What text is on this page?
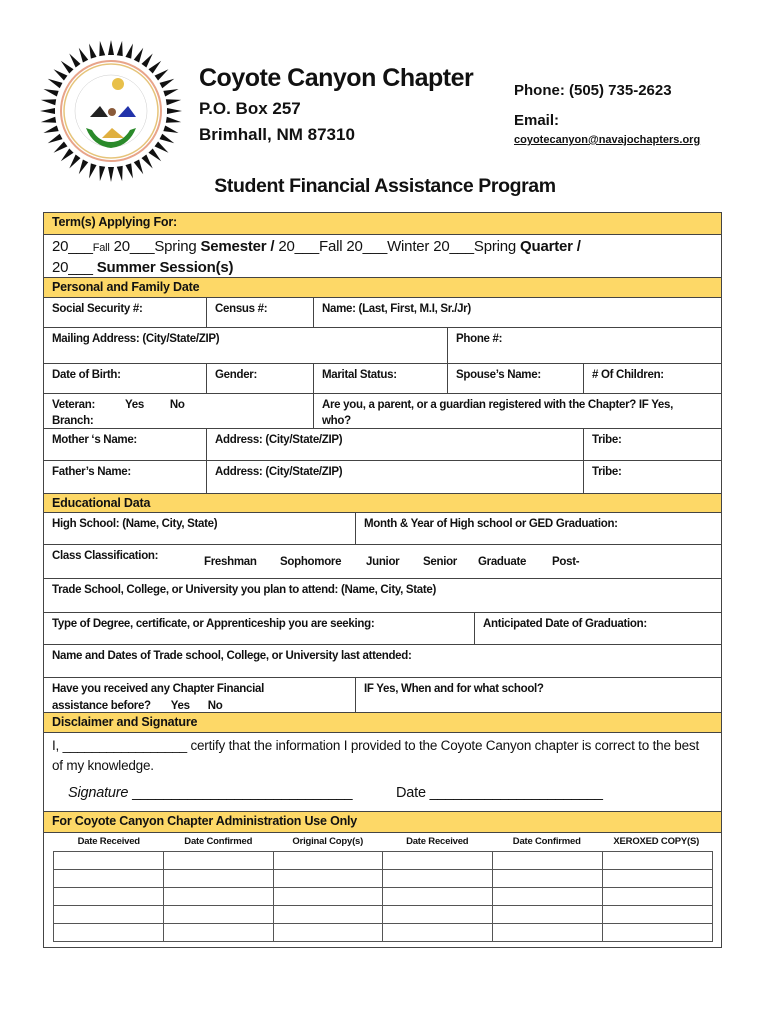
Coyote Canyon Chapter
P.O. Box 257
Brimhall, NM 87310
Phone: (505) 735-2623
Email:
coyotecanyon@navajochapters.org
Student Financial Assistance Program
Term(s) Applying For:
20___Fall 20___Spring Semester / 20___Fall 20___Winter 20___Spring Quarter /
20___ Summer Session(s)
Personal and Family Date
Social Security #:	Census #:	Name: (Last, First, M.I, Sr./Jr)
Mailing Address: (City/State/ZIP)	Phone #:
Date of Birth:	Gender:	Marital Status:	Spouse’s Name:	# Of Children:
Veteran:	Yes No
Branch:
Are you, a parent, or a guardian registered with the Chapter? IF Yes, who?
Mother ‘s Name:	Address: (City/State/ZIP)	Tribe:
Father’s Name:	Address: (City/State/ZIP)	Tribe:
Educational Data
High School: (Name, City, State)	Month & Year of High school or GED Graduation:
Class Classification:	Freshman	Sophomore	Junior	Senior	Graduate	Post-
Trade School, College, or University you plan to attend: (Name, City, State)
Type of Degree, certificate, or Apprenticeship you are seeking:	Anticipated Date of Graduation:
Name and Dates of Trade school, College, or University last attended:
Have you received any Chapter Financial
assistance before? Yes No
IF Yes, When and for what school?
Disclaimer and Signature
I, _________________ certify that the information I provided to the Coyote Canyon chapter is correct to the best of my knowledge.
Signature ____________________________	Date ______________________
For Coyote Canyon Chapter Administration Use Only
Date Received	Date Confirmed	Original Copy(s)	Date Received	Date Confirmed	XEROXED COPY(S)
